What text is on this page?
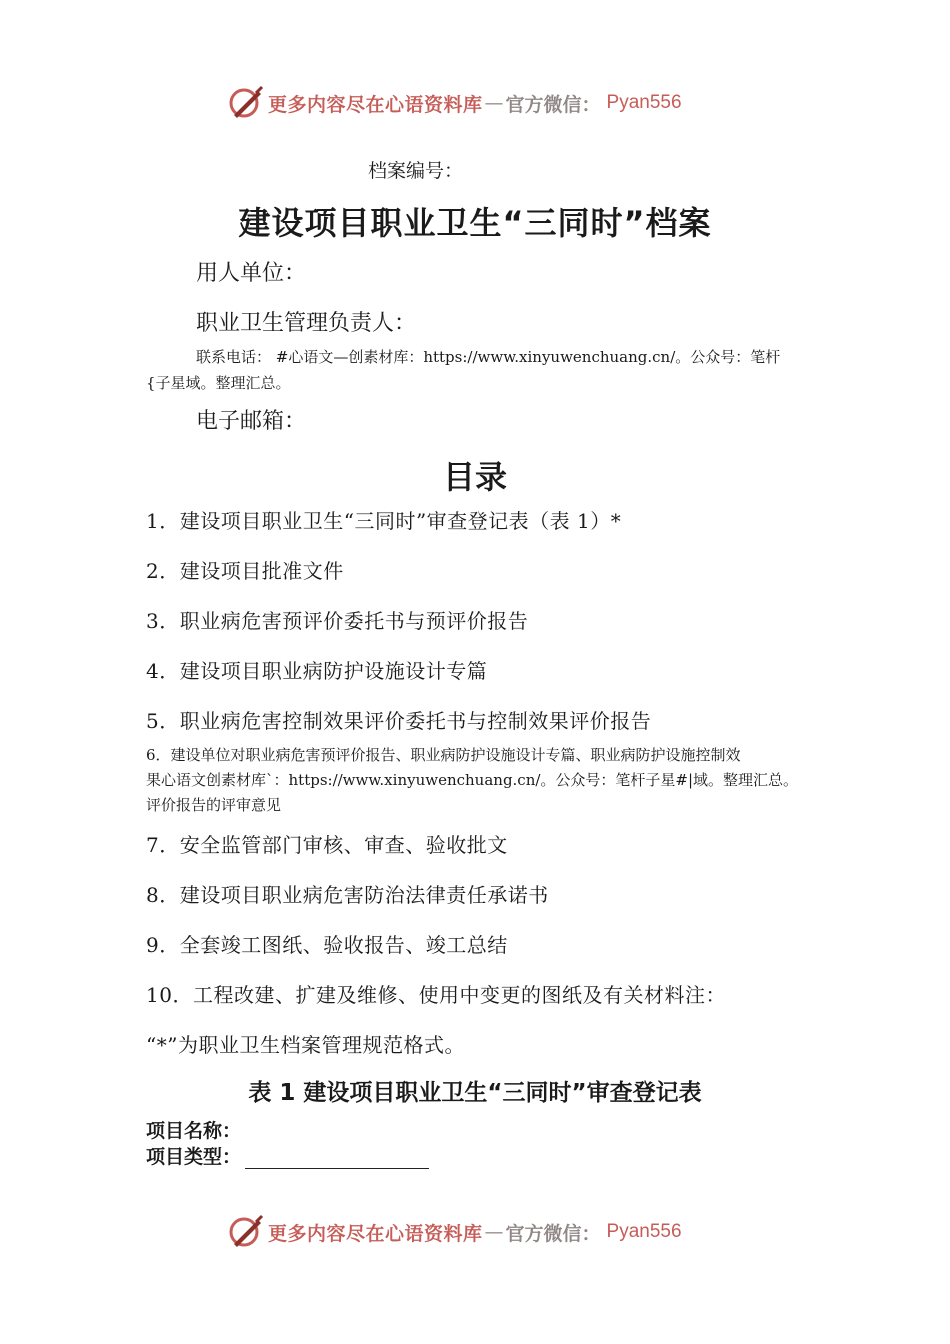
更多内容尽在心语资料库 — 官方微信： Pyan556
档案编号：
建设项目职业卫生“三同时”档案
用人单位：
职业卫生管理负责人：
联系电话： #心语文—创素材库：https://www.xinyuwenchuang.cn/。公众号：笔杆
{子星域。整理汇总。
电子邮箱：
目录
1．建设项目职业卫生“三同时”审查登记表（表 1）*
2．建设项目批准文件
3．职业病危害预评价委托书与预评价报告
4．建设项目职业病防护设施设计专篇
5．职业病危害控制效果评价委托书与控制效果评价报告
6．建设单位对职业病危害预评价报告、职业病防护设施设计专篇、职业病防护设施控制效
果心语文创素材库`：https://www.xinyuwenchuang.cn/。公众号：笔杆子星#|域。整理汇总。
评价报告的评审意见
7．安全监管部门审核、审查、验收批文
8．建设项目职业病危害防治法律责任承诺书
9．全套竣工图纸、验收报告、竣工总结
10．工程改建、扩建及维修、使用中变更的图纸及有关材料注：
“*”为职业卫生档案管理规范格式。
表 1 建设项目职业卫生“三同时”审查登记表
项目名称：
项目类型：
更多内容尽在心语资料库 — 官方微信： Pyan556
